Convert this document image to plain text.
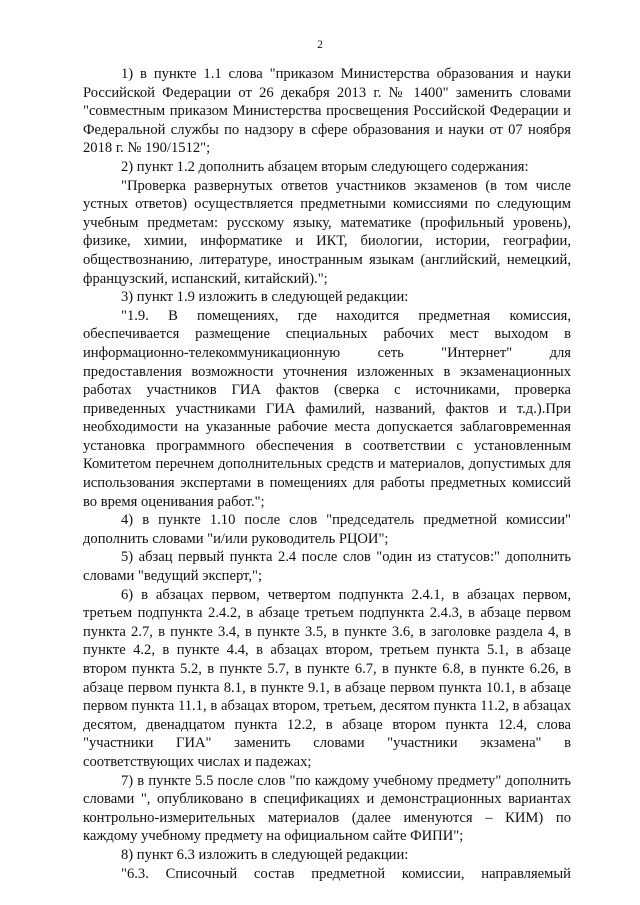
2

1) в пункте 1.1 слова "приказом Министерства образования и науки Российской Федерации от 26 декабря 2013 г. № 1400" заменить словами "совместным приказом Министерства просвещения Российской Федерации и Федеральной службы по надзору в сфере образования и науки от 07 ноября 2018 г. № 190/1512";

2) пункт 1.2 дополнить абзацем вторым следующего содержания:

"Проверка развернутых ответов участников экзаменов (в том числе устных ответов) осуществляется предметными комиссиями по следующим учебным предметам: русскому языку, математике (профильный уровень), физике, химии, информатике и ИКТ, биологии, истории, географии, обществознанию, литературе, иностранным языкам (английский, немецкий, французский, испанский, китайский).";

3) пункт 1.9 изложить в следующей редакции:

"1.9. В помещениях, где находится предметная комиссия, обеспечивается размещение специальных рабочих мест выходом в информационно-телекоммуникационную сеть "Интернет" для предоставления возможности уточнения изложенных в экзаменационных работах участников ГИА фактов (сверка с источниками, проверка приведенных участниками ГИА фамилий, названий, фактов и т.д.).При необходимости на указанные рабочие места допускается заблаговременная установка программного обеспечения в соответствии с установленным Комитетом перечнем дополнительных средств и материалов, допустимых для использования экспертами в помещениях для работы предметных комиссий во время оценивания работ.";

4) в пункте 1.10 после слов "председатель предметной комиссии" дополнить словами "и/или руководитель РЦОИ";

5) абзац первый пункта 2.4 после слов "один из статусов:" дополнить словами "ведущий эксперт,";

6) в абзацах первом, четвертом подпункта 2.4.1, в абзацах первом, третьем подпункта 2.4.2, в абзаце третьем подпункта 2.4.3, в абзаце первом пункта 2.7, в пункте 3.4, в пункте 3.5, в пункте 3.6, в заголовке раздела 4, в пункте 4.2, в пункте 4.4, в абзацах втором, третьем пункта 5.1, в абзаце втором пункта 5.2, в пункте 5.7, в пункте 6.7, в пункте 6.8, в пункте 6.26, в абзаце первом пункта 8.1, в пункте 9.1, в абзаце первом пункта 10.1, в абзаце первом пункта 11.1, в абзацах втором, третьем, десятом пункта 11.2, в абзацах десятом, двенадцатом пункта 12.2, в абзаце втором пункта 12.4, слова "участники ГИА" заменить словами "участники экзамена" в соответствующих числах и падежах;

7) в пункте 5.5 после слов "по каждому учебному предмету" дополнить словами ", опубликовано в спецификациях и демонстрационных вариантах контрольно-измерительных материалов (далее именуются – КИМ) по каждому учебному предмету на официальном сайте ФИПИ";

8) пункт 6.3 изложить в следующей редакции:

"6.3. Списочный состав предметной комиссии, направляемый
